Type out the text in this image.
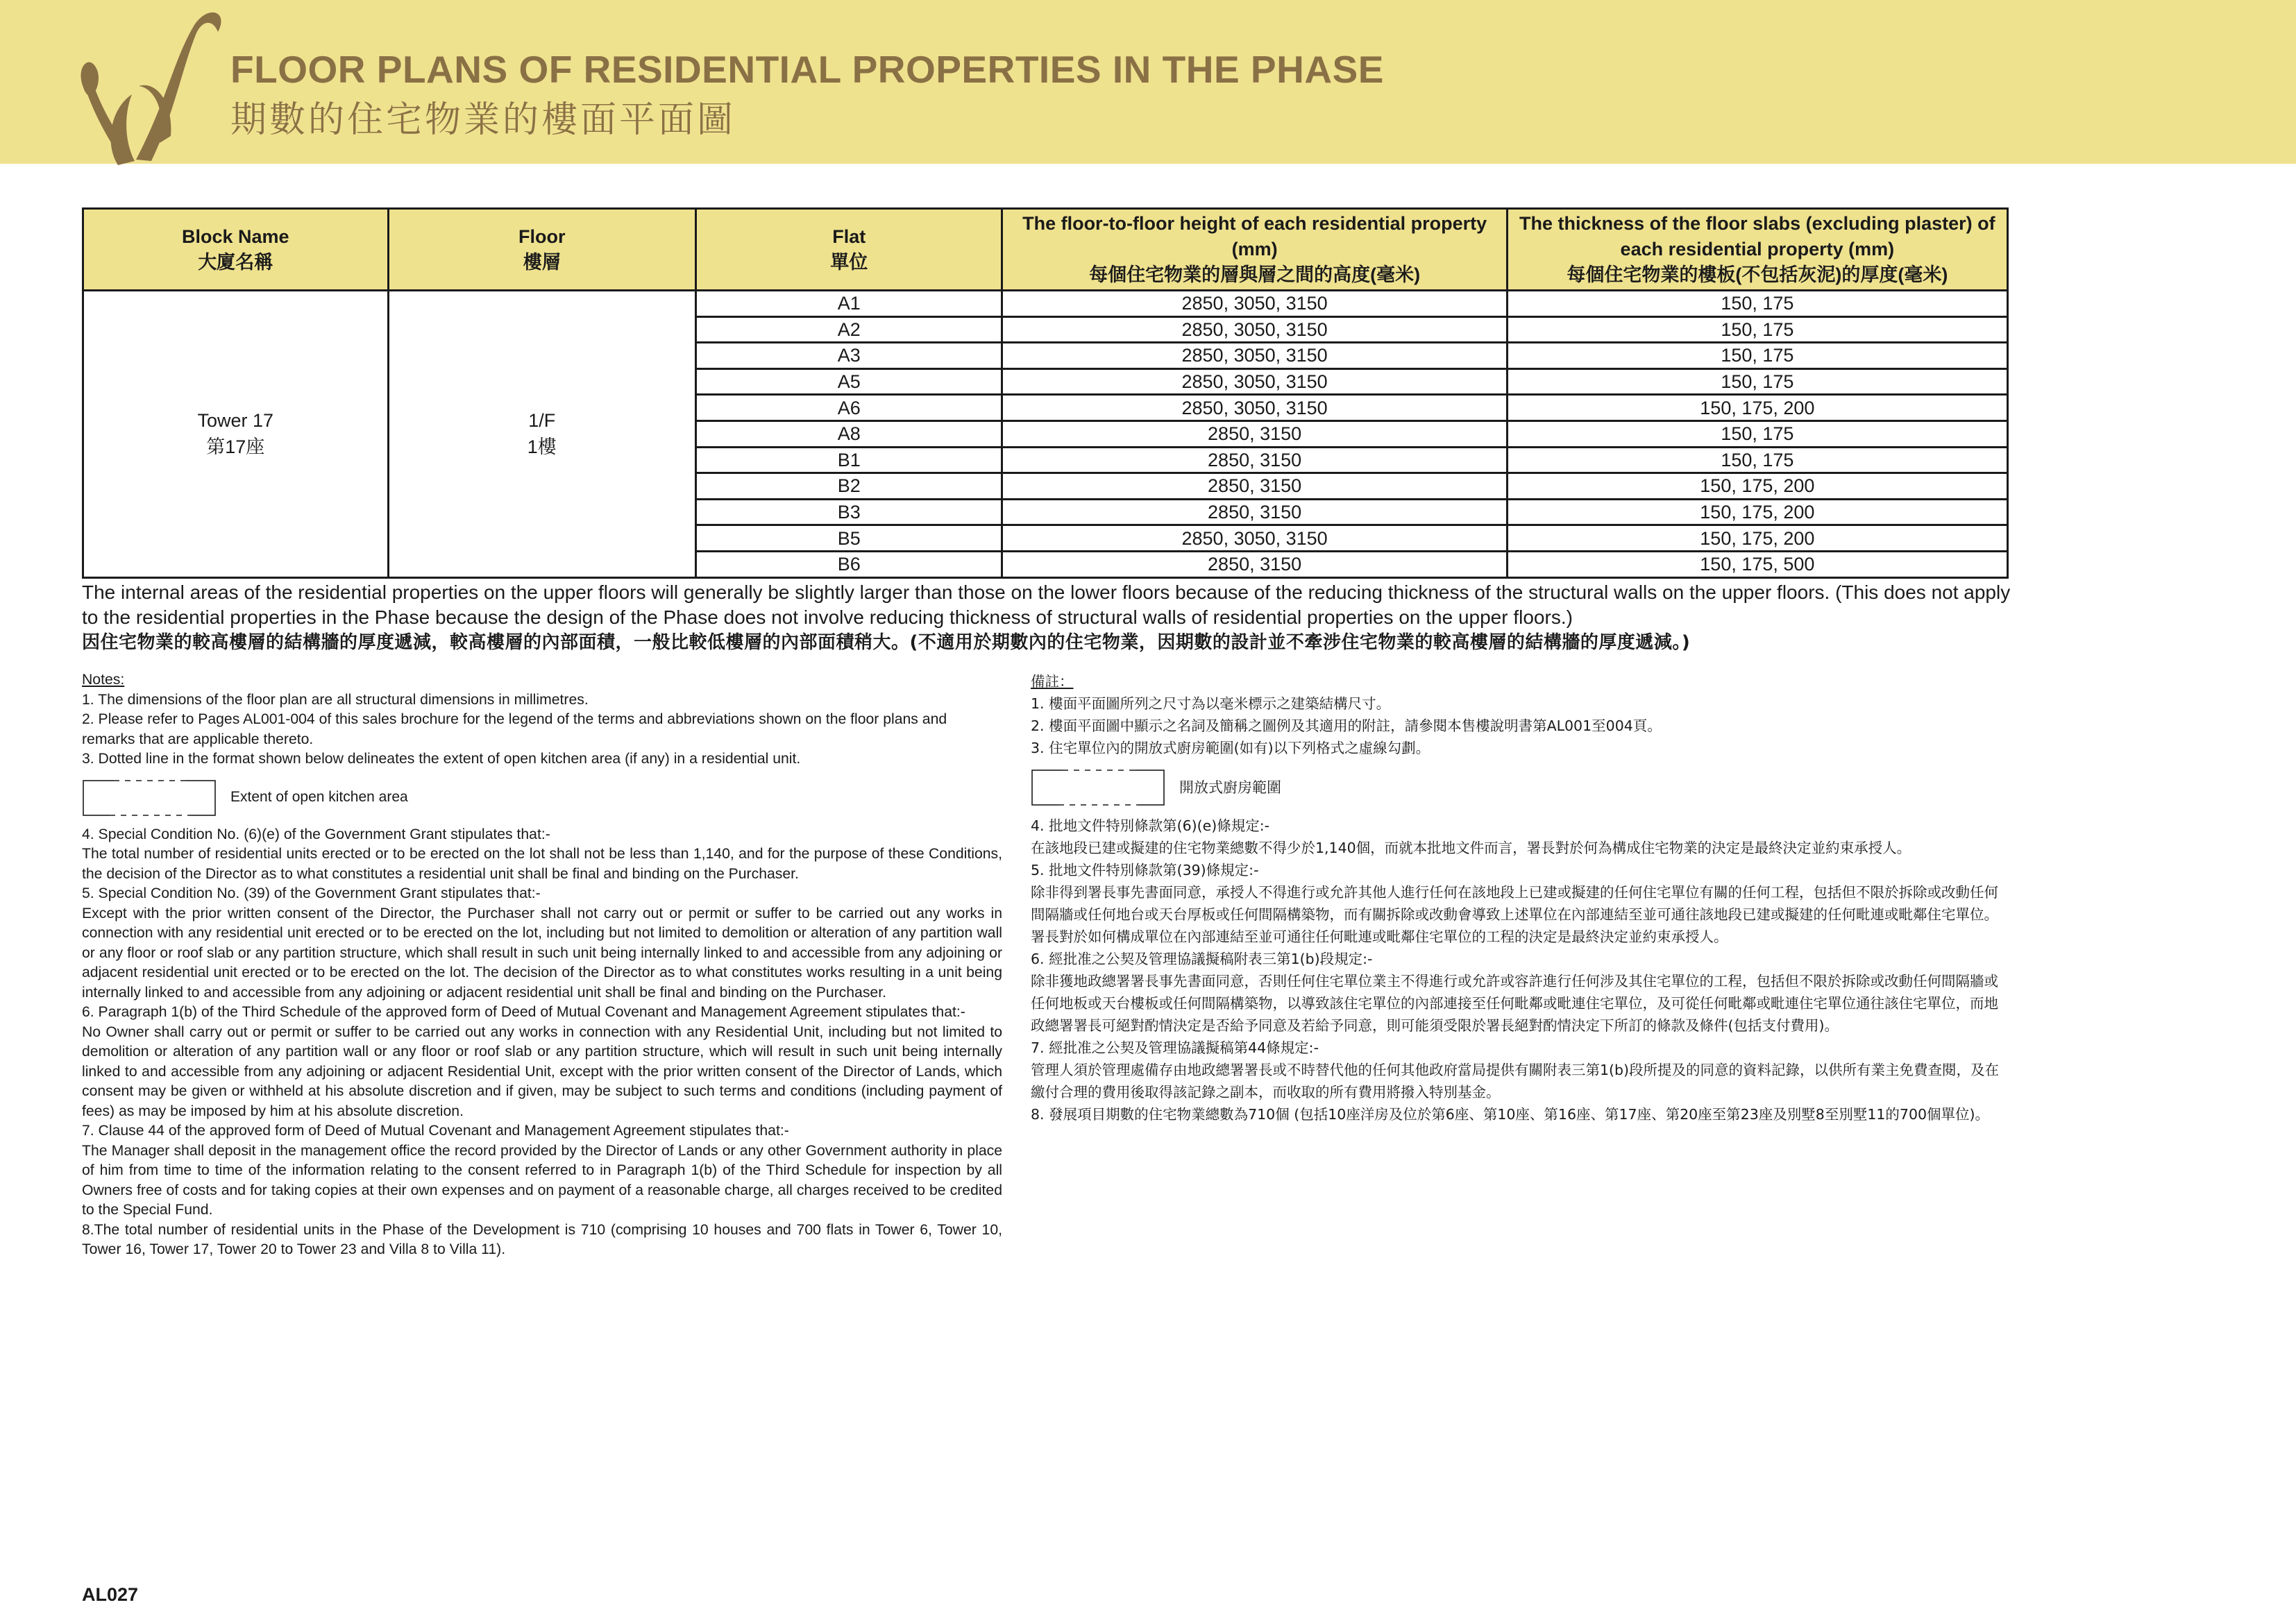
FLOOR PLANS OF RESIDENTIAL PROPERTIES IN THE PHASE
期數的住宅物業的樓面平面圖
Block Name
大廈名稱	Floor
樓層	Flat
單位	The floor-to-floor height of each residential property (mm)
每個住宅物業的層與層之間的高度(毫米)	The thickness of the floor slabs (excluding plaster) of each residential property (mm)
每個住宅物業的樓板(不包括灰泥)的厚度(毫米)

Tower 17
第17座	1/F
1樓	A1	2850, 3050, 3150	150, 175
		A2	2850, 3050, 3150	150, 175
		A3	2850, 3050, 3150	150, 175
		A5	2850, 3050, 3150	150, 175
		A6	2850, 3050, 3150	150, 175, 200
		A8	2850, 3150	150, 175
		B1	2850, 3150	150, 175
		B2	2850, 3150	150, 175, 200
		B3	2850, 3150	150, 175, 200
		B5	2850, 3050, 3150	150, 175, 200
		B6	2850, 3150	150, 175, 500
The internal areas of the residential properties on the upper floors will generally be slightly larger than those on the lower floors because of the reducing thickness of the structural walls on the upper floors. (This does not apply to the residential properties in the Phase because the design of the Phase does not involve reducing thickness of structural walls of residential properties on the upper floors.)
因住宅物業的較高樓層的結構牆的厚度遞減，較高樓層的內部面積，一般比較低樓層的內部面積稍大。(不適用於期數內的住宅物業，因期數的設計並不牽涉住宅物業的較高樓層的結構牆的厚度遞減。)
Notes:
1. The dimensions of the floor plan are all structural dimensions in millimetres.
2. Please refer to Pages AL001-004 of this sales brochure for the legend of the terms and abbreviations shown on the floor plans and remarks that are applicable thereto.
3. Dotted line in the format shown below delineates the extent of open kitchen area (if any) in a residential unit.
Extent of open kitchen area
4. Special Condition No. (6)(e) of the Government Grant stipulates that:-
The total number of residential units erected or to be erected on the lot shall not be less than 1,140, and for the purpose of these Conditions, the decision of the Director as to what constitutes a residential unit shall be final and binding on the Purchaser.
5. Special Condition No. (39) of the Government Grant stipulates that:-
Except with the prior written consent of the Director, the Purchaser shall not carry out or permit or suffer to be carried out any works in connection with any residential unit erected or to be erected on the lot, including but not limited to demolition or alteration of any partition wall or any floor or roof slab or any partition structure, which shall result in such unit being internally linked to and accessible from any adjoining or adjacent residential unit erected or to be erected on the lot. The decision of the Director as to what constitutes works resulting in a unit being internally linked to and accessible from any adjoining or adjacent residential unit shall be final and binding on the Purchaser.
6. Paragraph 1(b) of the Third Schedule of the approved form of Deed of Mutual Covenant and Management Agreement stipulates that:-
No Owner shall carry out or permit or suffer to be carried out any works in connection with any Residential Unit, including but not limited to demolition or alteration of any partition wall or any floor or roof slab or any partition structure, which will result in such unit being internally linked to and accessible from any adjoining or adjacent Residential Unit, except with the prior written consent of the Director of Lands, which consent may be given or withheld at his absolute discretion and if given, may be subject to such terms and conditions (including payment of fees) as may be imposed by him at his absolute discretion.
7. Clause 44 of the approved form of Deed of Mutual Covenant and Management Agreement stipulates that:-
The Manager shall deposit in the management office the record provided by the Director of Lands or any other Government authority in place of him from time to time of the information relating to the consent referred to in Paragraph 1(b) of the Third Schedule for inspection by all Owners free of costs and for taking copies at their own expenses and on payment of a reasonable charge, all charges received to be credited to the Special Fund.
8.The total number of residential units in the Phase of the Development is 710 (comprising 10 houses and 700 flats in Tower 6, Tower 10, Tower 16, Tower 17, Tower 20 to Tower 23 and Villa 8 to Villa 11).
備註：
1. 樓面平面圖所列之尺寸為以毫米標示之建築結構尺寸。
2. 樓面平面圖中顯示之名詞及簡稱之圖例及其適用的附註，請參閱本售樓說明書第AL001至004頁。
3. 住宅單位內的開放式廚房範圍(如有)以下列格式之虛線勾劃。
開放式廚房範圍
4. 批地文件特別條款第(6)(e)條規定:-
在該地段已建或擬建的住宅物業總數不得少於1,140個，而就本批地文件而言，署長對於何為構成住宅物業的決定是最終決定並約束承授人。
5. 批地文件特別條款第(39)條規定:-
除非得到署長事先書面同意，承授人不得進行或允許其他人進行任何在該地段上已建或擬建的任何住宅單位有關的任何工程，包括但不限於拆除或改動任何間隔牆或任何地台或天台厚板或任何間隔構築物，而有關拆除或改動會導致上述單位在內部連結至並可通往該地段已建或擬建的任何毗連或毗鄰住宅單位。署長對於如何構成單位在內部連結至並可通往任何毗連或毗鄰住宅單位的工程的決定是最終決定並約束承授人。
6. 經批准之公契及管理協議擬稿附表三第1(b)段規定:-
除非獲地政總署署長事先書面同意，否則任何住宅單位業主不得進行或允許或容許進行任何涉及其住宅單位的工程，包括但不限於拆除或改動任何間隔牆或任何地板或天台樓板或任何間隔構築物，以導致該住宅單位的內部連接至任何毗鄰或毗連住宅單位，及可從任何毗鄰或毗連住宅單位通往該住宅單位，而地政總署署長可絕對酌情決定是否給予同意及若給予同意，則可能須受限於署長絕對酌情決定下所訂的條款及條件(包括支付費用)。
7. 經批准之公契及管理協議擬稿第44條規定:-
管理人須於管理處備存由地政總署署長或不時替代他的任何其他政府當局提供有關附表三第1(b)段所提及的同意的資料記錄，以供所有業主免費查閱，及在繳付合理的費用後取得該記錄之副本，而收取的所有費用將撥入特別基金。
8. 發展項目期數的住宅物業總數為710個 (包括10座洋房及位於第6座、第10座、第16座、第17座、第20座至第23座及別墅8至別墅11的700個單位)。
AL027
